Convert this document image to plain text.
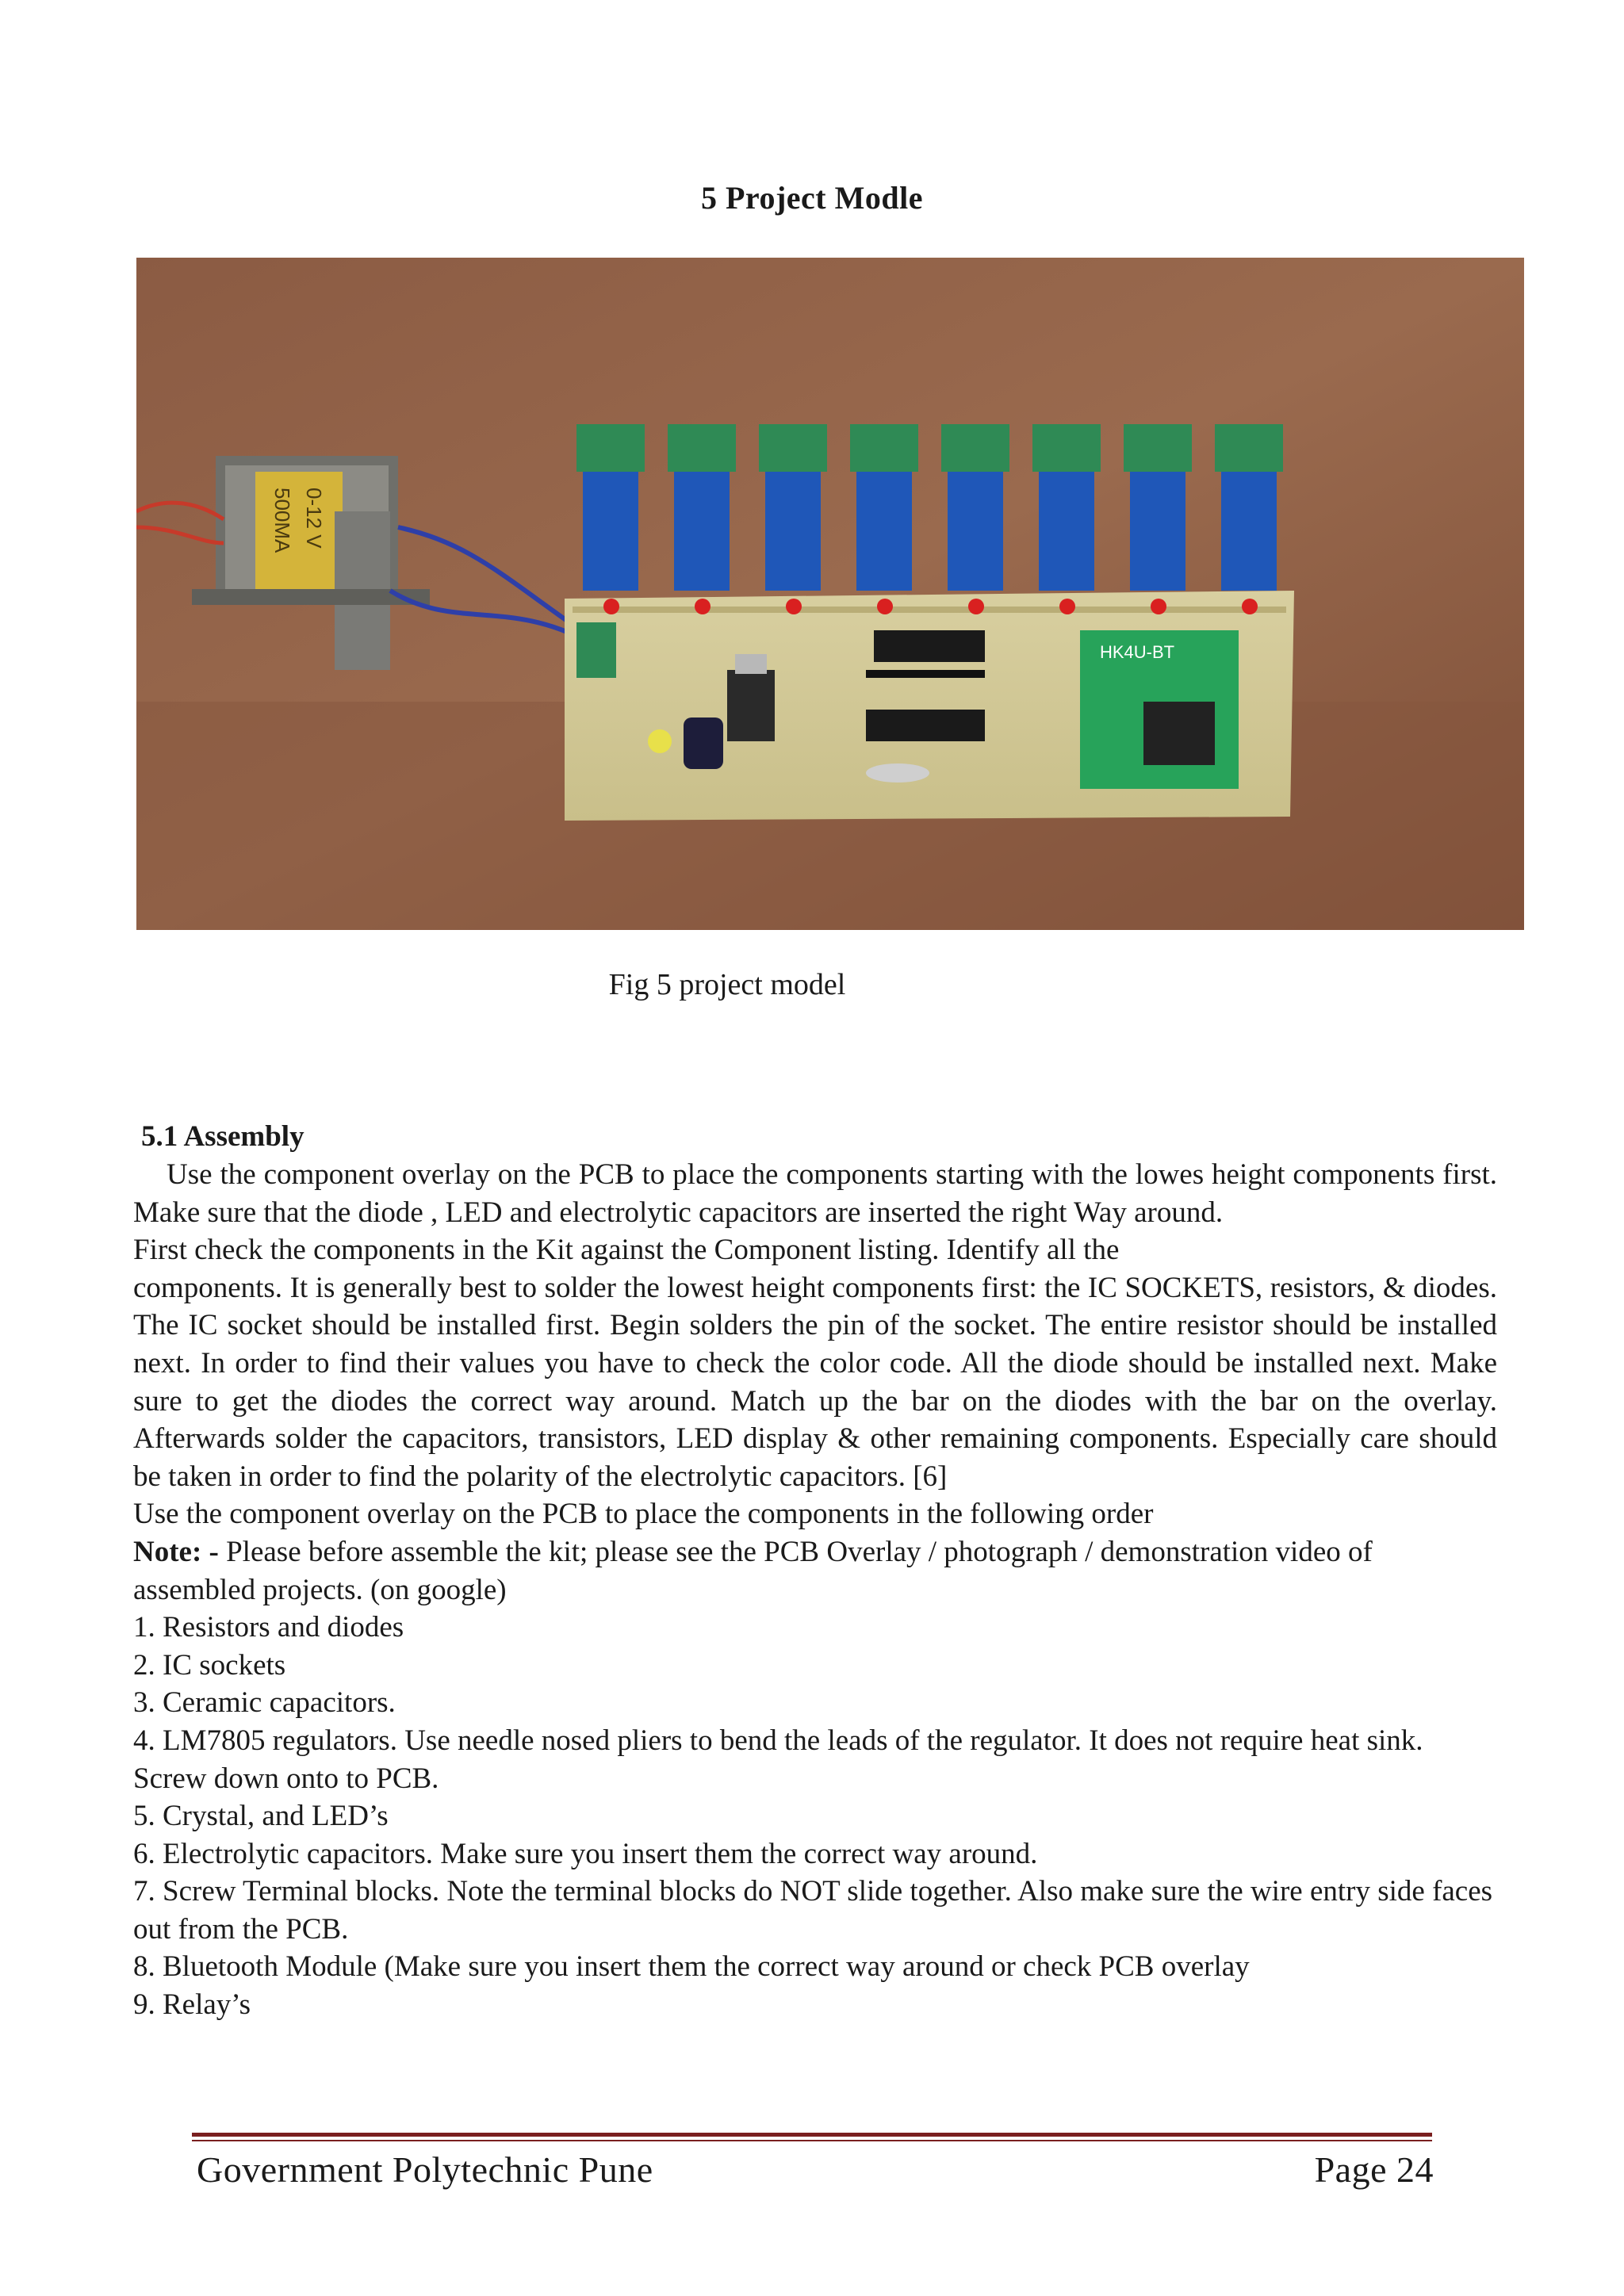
5 Project Modle
500MA 0-12 V
HK4U-BT
Fig 5 project model
5.1 Assembly

Use the component overlay on the PCB to place the components starting with the lowes height components first. Make sure that the diode , LED and electrolytic capacitors are inserted the right Way around.

First check the components in the Kit against the Component listing. Identify all the

components. It is generally best to solder the lowest height components first: the IC SOCKETS, resistors, & diodes. The IC socket should be installed first. Begin solders the pin of the socket. The entire resistor should be installed next. In order to find their values you have to check the color code. All the diode should be installed next. Make sure to get the diodes the correct way around. Match up the bar on the diodes with the bar on the overlay. Afterwards solder the capacitors, transistors, LED display & other remaining components. Especially care should be taken in order to find the polarity of the electrolytic capacitors. [6]

Use the component overlay on the PCB to place the components in the following order

Note: - Please before assemble the kit; please see the PCB Overlay / photograph / demonstration video of assembled projects. (on google)

1. Resistors and diodes

2. IC sockets

3. Ceramic capacitors.

4. LM7805 regulators. Use needle nosed pliers to bend the leads of the regulator. It does not require heat sink. Screw down onto to PCB.

5. Crystal, and LED’s

6. Electrolytic capacitors. Make sure you insert them the correct way around.

7. Screw Terminal blocks. Note the terminal blocks do NOT slide together. Also make sure the wire entry side faces out from the PCB.

8. Bluetooth Module (Make sure you insert them the correct way around or check PCB overlay

9. Relay’s

Government Polytechnic Pune	Page 24
